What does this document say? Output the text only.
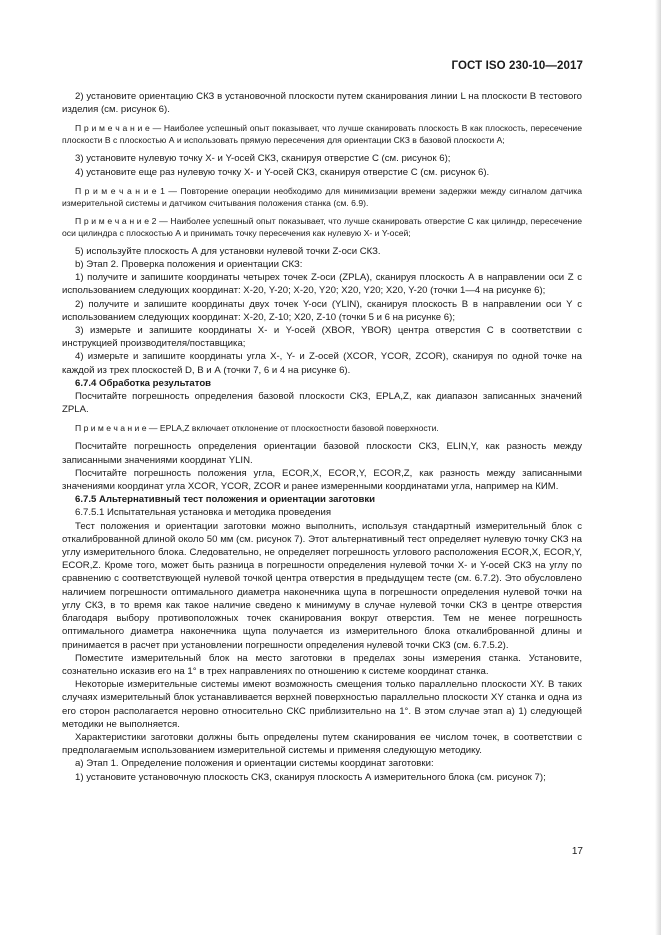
ГОСТ ISO 230-10—2017

2) установите ориентацию СКЗ в установочной плоскости путем сканирования линии L на плоскости В тестового изделия (см. рисунок 6).

П р и м е ч а н и е — Наиболее успешный опыт показывает, что лучше сканировать плоскость В как плоскость, пересечение плоскости В с плоскостью А и использовать прямую пересечения для ориентации СКЗ в базовой плоскости А;

3) установите нулевую точку X- и Y-осей СКЗ, сканируя отверстие С (см. рисунок 6);

4) установите еще раз нулевую точку X- и Y-осей СКЗ, сканируя отверстие С (см. рисунок 6).

П р и м е ч а н и е 1 — Повторение операции необходимо для минимизации времени задержки между сигналом датчика измерительной системы и датчиком считывания положения станка (см. 6.9).

П р и м е ч а н и е 2 — Наиболее успешный опыт показывает, что лучше сканировать отверстие С как цилиндр, пересечение оси цилиндра с плоскостью А и принимать точку пересечения как нулевую X- и Y-осей;

5) используйте плоскость А для установки нулевой точки Z-оси СКЗ.

b) Этап 2. Проверка положения и ориентации СКЗ:

1) получите и запишите координаты четырех точек Z-оси (ZPLA), сканируя плоскость А в направлении оси Z с использованием следующих координат: X-20, Y-20; X-20, Y20; X20, Y20; X20, Y-20 (точки 1—4 на рисунке 6);

2) получите и запишите координаты двух точек Y-оси (YLIN), сканируя плоскость В в направлении оси Y с использованием следующих координат: X-20, Z-10; X20, Z-10 (точки 5 и 6 на рисунке 6);

3) измерьте и запишите координаты X- и Y-осей (XBOR, YBOR) центра отверстия С в соответствии с инструкцией производителя/поставщика;

4) измерьте и запишите координаты угла X-, Y- и Z-осей (XCOR, YCOR, ZCOR), сканируя по одной точке на каждой из трех плоскостей D, В и А (точки 7, 6 и 4 на рисунке 6).

6.7.4 Обработка результатов

Посчитайте погрешность определения базовой плоскости СКЗ, EPLA,Z, как диапазон записанных значений ZPLA.

П р и м е ч а н и е — EPLA,Z включает отклонение от плоскостности базовой поверхности.

Посчитайте погрешность определения ориентации базовой плоскости СКЗ, ELIN,Y, как разность между записанными значениями координат YLIN.

Посчитайте погрешность положения угла, ECOR,X, ECOR,Y, ECOR,Z, как разность между записанными значениями координат угла XCOR, YCOR, ZCOR и ранее измеренными координатами угла, например на КИМ.

6.7.5 Альтернативный тест положения и ориентации заготовки

6.7.5.1 Испытательная установка и методика проведения

Тест положения и ориентации заготовки можно выполнить, используя стандартный измерительный блок с откалиброванной длиной около 50 мм (см. рисунок 7). Этот альтернативный тест определяет нулевую точку СКЗ на углу измерительного блока. Следовательно, не определяет погрешность углового расположения ECOR,X, ECOR,Y, ECOR,Z. Кроме того, может быть разница в погрешности определения нулевой точки X- и Y-осей СКЗ на углу по сравнению с соответствующей нулевой точкой центра отверстия в предыдущем тесте (см. 6.7.2). Это обусловлено наличием погрешности оптимального диаметра наконечника щупа в погрешности определения нулевой точки на углу СКЗ, в то время как такое наличие сведено к минимуму в случае нулевой точки СКЗ в центре отверстия благодаря выбору противоположных точек сканирования вокруг отверстия. Тем не менее погрешность оптимального диаметра наконечника щупа получается из измерительного блока откалиброванной длины и принимается в расчет при установлении погрешности определения нулевой точки СКЗ (см. 6.7.5.2).

Поместите измерительный блок на место заготовки в пределах зоны измерения станка. Установите, сознательно исказив его на 1° в трех направлениях по отношению к системе координат станка.

Некоторые измерительные системы имеют возможность смещения только параллельно плоскости XY. В таких случаях измерительный блок устанавливается верхней поверхностью параллельно плоскости XY станка и одна из его сторон располагается неровно относительно СКС приблизительно на 1°. В этом случае этап а) 1) следующей методики не выполняется.

Характеристики заготовки должны быть определены путем сканирования ее числом точек, в соответствии с предполагаемым использованием измерительной системы и применяя следующую методику.

а) Этап 1. Определение положения и ориентации системы координат заготовки:

1) установите установочную плоскость СКЗ, сканируя плоскость А измерительного блока (см. рисунок 7);

17
